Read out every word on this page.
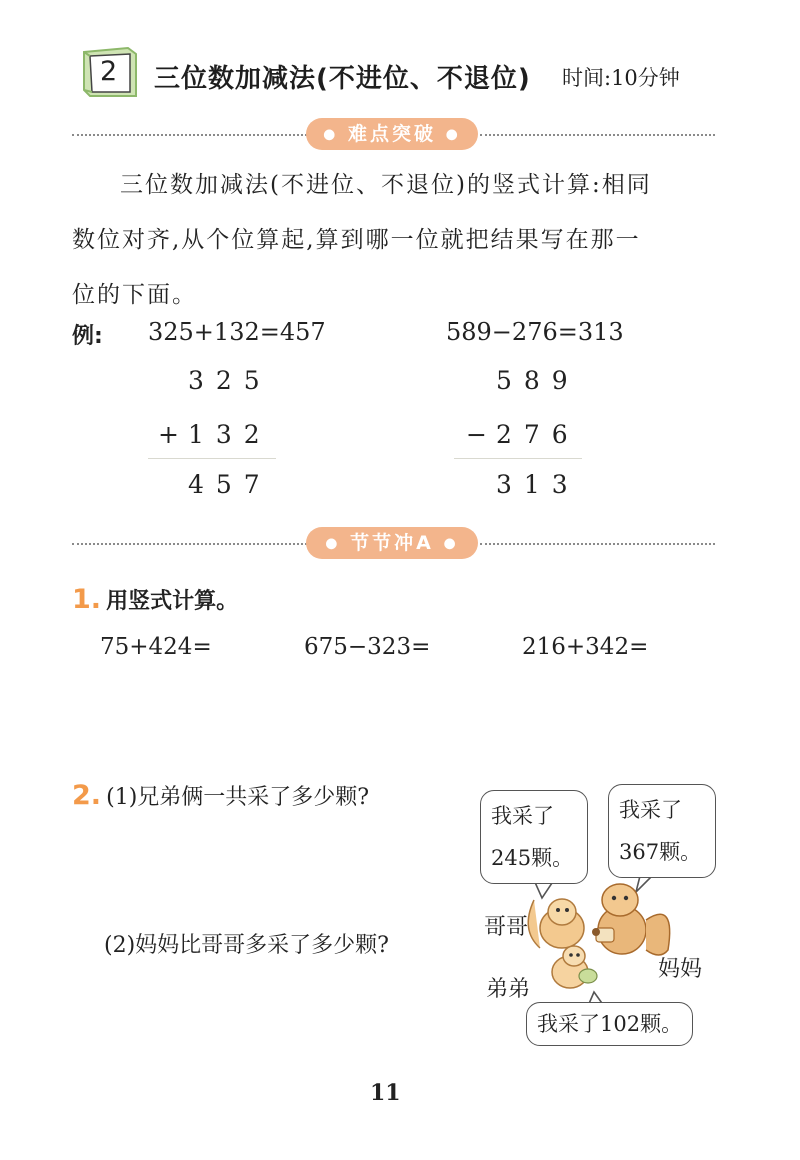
2 三位数加减法(不进位、不退位) 时间:10分钟
● 难点突破 ●
三位数加减法(不进位、不退位)的竖式计算:相同
数位对齐,从个位算起,算到哪一位就把结果写在那一
位的下面。
例: 325+132=457
325
+
132
457
589−276=313
589
−
276
313
● 节节冲A ●
1. 用竖式计算。
75+424=	675−323=	216+342=
2. (1)兄弟俩一共采了多少颗?
(2)妈妈比哥哥多采了多少颗?
我采了
245颗。
我采了
367颗。
哥哥
弟弟
妈妈
我采了102颗。
11
